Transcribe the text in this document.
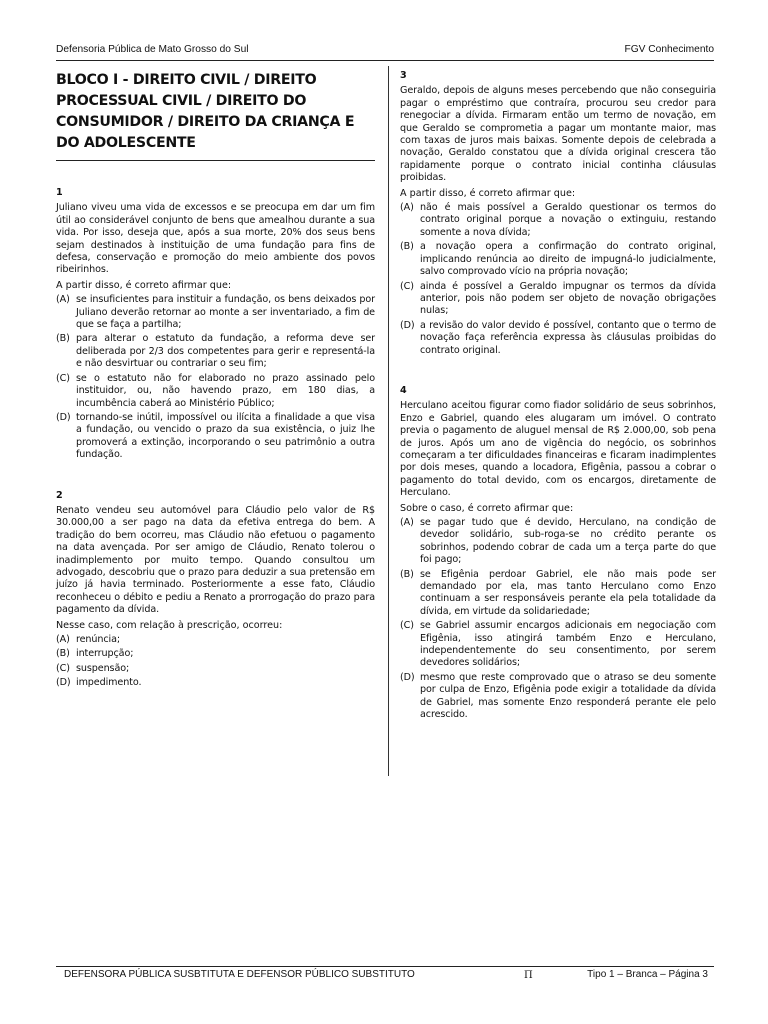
Defensoria Pública de Mato Grosso do Sul	FGV Conhecimento
BLOCO I - DIREITO CIVIL / DIREITO PROCESSUAL CIVIL / DIREITO DO CONSUMIDOR / DIREITO DA CRIANÇA E DO ADOLESCENTE
1

Juliano viveu uma vida de excessos e se preocupa em dar um fim útil ao considerável conjunto de bens que amealhou durante a sua vida. Por isso, deseja que, após a sua morte, 20% dos seus bens sejam destinados à instituição de uma fundação para fins de defesa, conservação e promoção do meio ambiente dos povos ribeirinhos.

A partir disso, é correto afirmar que:

(A) se insuficientes para instituir a fundação, os bens deixados por Juliano deverão retornar ao monte a ser inventariado, a fim de que se faça a partilha;
(B) para alterar o estatuto da fundação, a reforma deve ser deliberada por 2/3 dos competentes para gerir e representá-la e não desvirtuar ou contrariar o seu fim;
(C) se o estatuto não for elaborado no prazo assinado pelo instituidor, ou, não havendo prazo, em 180 dias, a incumbência caberá ao Ministério Público;
(D) tornando-se inútil, impossível ou ilícita a finalidade a que visa a fundação, ou vencido o prazo da sua existência, o juiz lhe promoverá a extinção, incorporando o seu patrimônio a outra fundação.
2

Renato vendeu seu automóvel para Cláudio pelo valor de R$ 30.000,00 a ser pago na data da efetiva entrega do bem. A tradição do bem ocorreu, mas Cláudio não efetuou o pagamento na data avençada. Por ser amigo de Cláudio, Renato tolerou o inadimplemento por muito tempo. Quando consultou um advogado, descobriu que o prazo para deduzir a sua pretensão em juízo já havia terminado. Posteriormente a esse fato, Cláudio reconheceu o débito e pediu a Renato a prorrogação do prazo para pagamento da dívida.

Nesse caso, com relação à prescrição, ocorreu:

(A) renúncia;
(B) interrupção;
(C) suspensão;
(D) impedimento.
3

Geraldo, depois de alguns meses percebendo que não conseguiria pagar o empréstimo que contraíra, procurou seu credor para renegociar a dívida. Firmaram então um termo de novação, em que Geraldo se comprometia a pagar um montante maior, mas com taxas de juros mais baixas. Somente depois de celebrada a novação, Geraldo constatou que a dívida original crescera tão rapidamente porque o contrato inicial continha cláusulas proibidas.

A partir disso, é correto afirmar que:

(A) não é mais possível a Geraldo questionar os termos do contrato original porque a novação o extinguiu, restando somente a nova dívida;
(B) a novação opera a confirmação do contrato original, implicando renúncia ao direito de impugná-lo judicialmente, salvo comprovado vício na própria novação;
(C) ainda é possível a Geraldo impugnar os termos da dívida anterior, pois não podem ser objeto de novação obrigações nulas;
(D) a revisão do valor devido é possível, contanto que o termo de novação faça referência expressa às cláusulas proibidas do contrato original.
4

Herculano aceitou figurar como fiador solidário de seus sobrinhos, Enzo e Gabriel, quando eles alugaram um imóvel. O contrato previa o pagamento de aluguel mensal de R$ 2.000,00, sob pena de juros. Após um ano de vigência do negócio, os sobrinhos começaram a ter dificuldades financeiras e ficaram inadimplentes por dois meses, quando a locadora, Efigênia, passou a cobrar o pagamento do total devido, com os encargos, diretamente de Herculano.

Sobre o caso, é correto afirmar que:

(A) se pagar tudo que é devido, Herculano, na condição de devedor solidário, sub-roga-se no crédito perante os sobrinhos, podendo cobrar de cada um a terça parte do que foi pago;
(B) se Efigênia perdoar Gabriel, ele não mais pode ser demandado por ela, mas tanto Herculano como Enzo continuam a ser responsáveis perante ela pela totalidade da dívida, em virtude da solidariedade;
(C) se Gabriel assumir encargos adicionais em negociação com Efigênia, isso atingirá também Enzo e Herculano, independentemente do seu consentimento, por serem devedores solidários;
(D) mesmo que reste comprovado que o atraso se deu somente por culpa de Enzo, Efigênia pode exigir a totalidade da dívida de Gabriel, mas somente Enzo responderá perante ele pelo acrescido.
DEFENSORA PÚBLICA SUSBTITUTA E DEFENSOR PÚBLICO SUBSTITUTO	Π	Tipo 1 – Branca – Página 3
